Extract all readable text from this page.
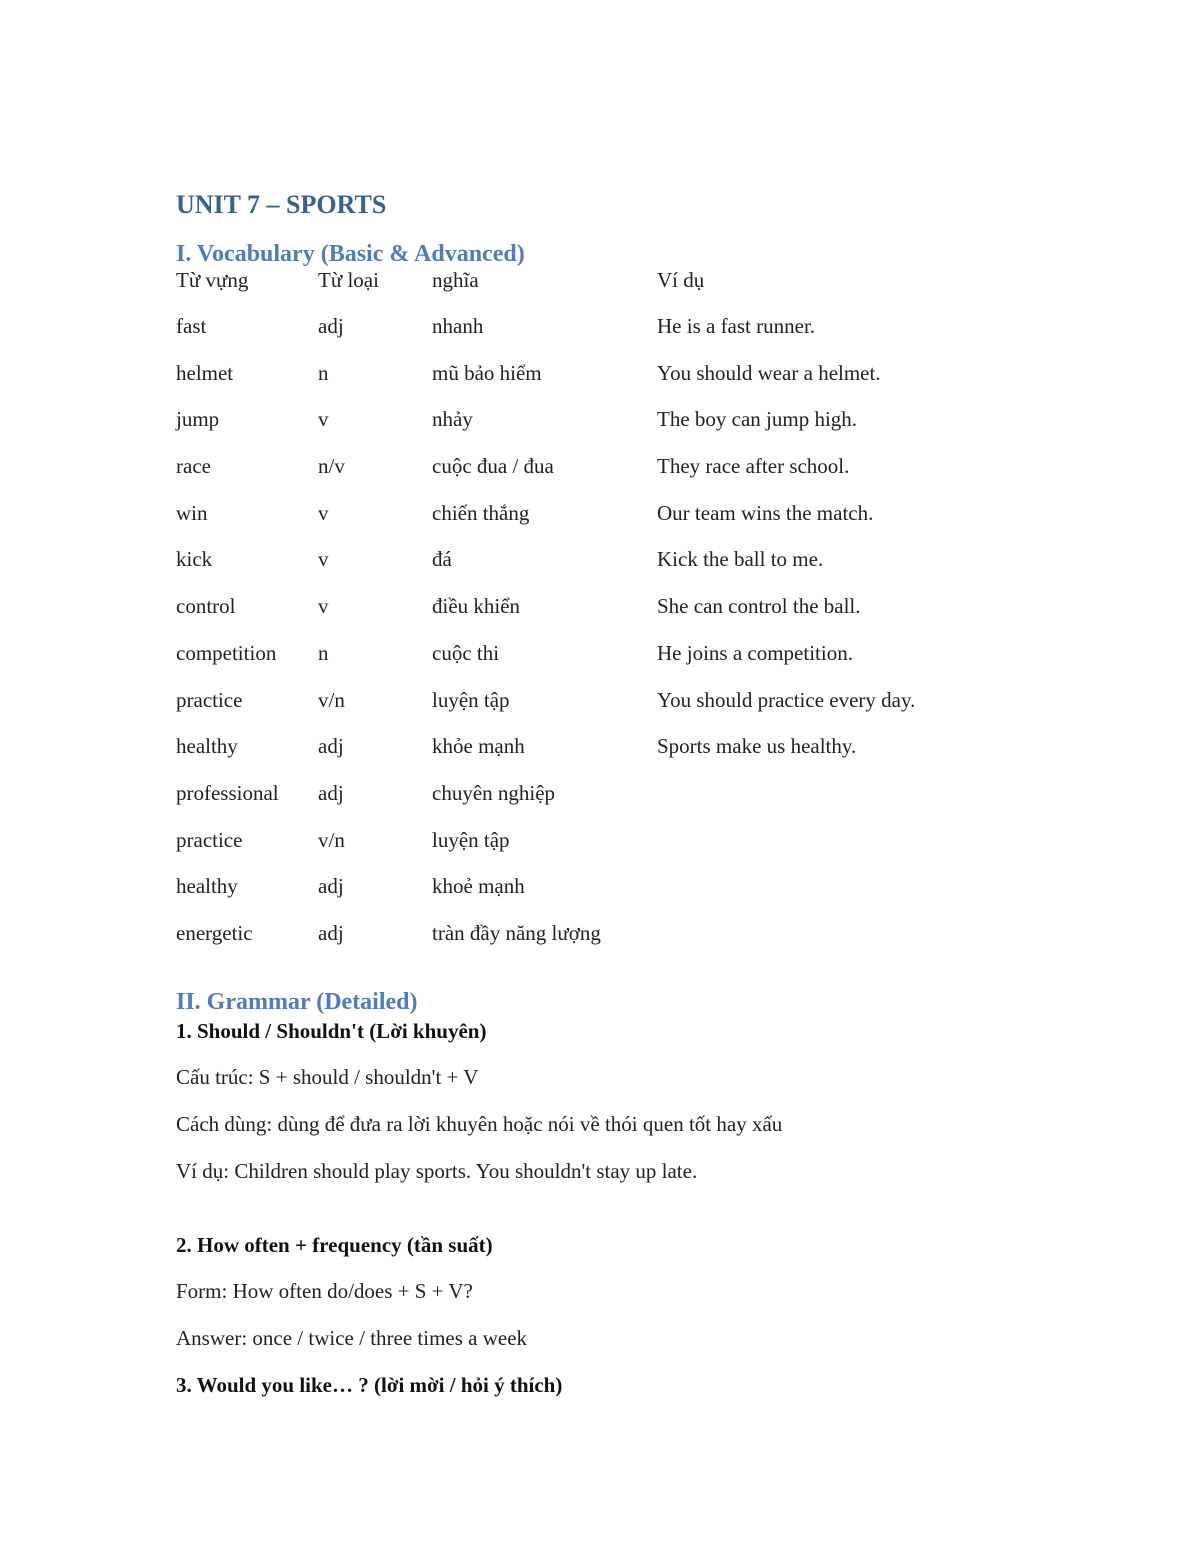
UNIT 7 – SPORTS
I. Vocabulary (Basic & Advanced)
Từ vựng	Từ loại	nghĩa	Ví dụ
fast	adj	nhanh	He is a fast runner.
helmet	n	mũ bảo hiểm	You should wear a helmet.
jump	v	nhảy	The boy can jump high.
race	n/v	cuộc đua / đua	They race after school.
win	v	chiến thắng	Our team wins the match.
kick	v	đá	Kick the ball to me.
control	v	điều khiển	She can control the ball.
competition	n	cuộc thi	He joins a competition.
practice	v/n	luyện tập	You should practice every day.
healthy	adj	khỏe mạnh	Sports make us healthy.
professional	adj	chuyên nghiệp	
practice	v/n	luyện tập	
healthy	adj	khoẻ mạnh	
energetic	adj	tràn đầy năng lượng	
II. Grammar (Detailed)
1. Should / Shouldn't (Lời khuyên)
Cấu trúc: S + should / shouldn't + V
Cách dùng: dùng để đưa ra lời khuyên hoặc nói về thói quen tốt hay xấu
Ví dụ: Children should play sports. You shouldn't stay up late.
2. How often + frequency (tần suất)
Form: How often do/does + S + V?
Answer: once / twice / three times a week
3. Would you like… ? (lời mời / hỏi ý thích)
